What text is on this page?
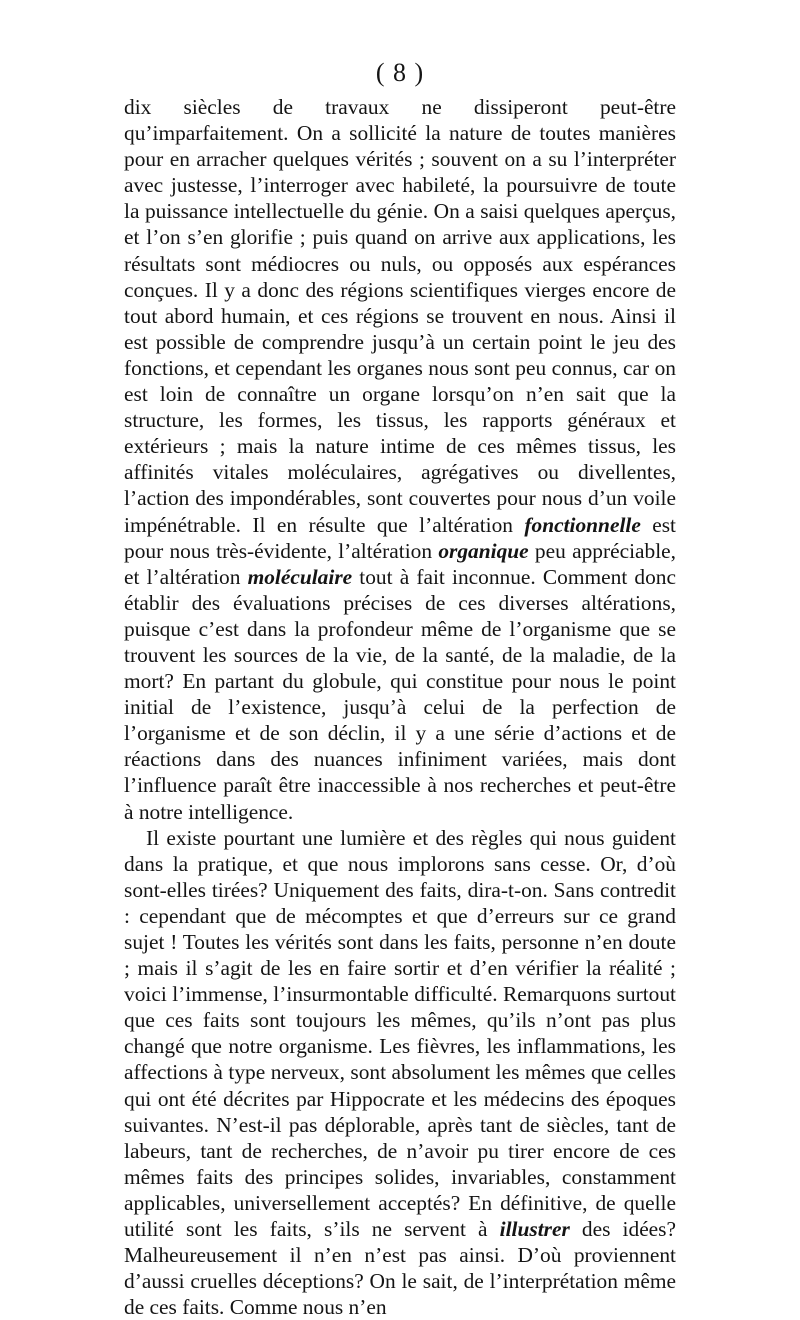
( 8 )

dix siècles de travaux ne dissiperont peut-être qu’imparfaitement. On a sollicité la nature de toutes manières pour en arracher quelques vérités ; souvent on a su l’interpréter avec justesse, l’interroger avec habileté, la poursuivre de toute la puissance intellectuelle du génie. On a saisi quelques aperçus, et l’on s’en glorifie ; puis quand on arrive aux applications, les résultats sont médiocres ou nuls, ou opposés aux espérances conçues. Il y a donc des régions scientifiques vierges encore de tout abord humain, et ces régions se trouvent en nous. Ainsi il est possible de comprendre jusqu’à un certain point le jeu des fonctions, et cependant les organes nous sont peu connus, car on est loin de connaître un organe lorsqu’on n’en sait que la structure, les formes, les tissus, les rapports généraux et extérieurs ; mais la nature intime de ces mêmes tissus, les affinités vitales moléculaires, agrégatives ou divellentes, l’action des impondérables, sont couvertes pour nous d’un voile impénétrable. Il en résulte que l’altération fonctionnelle est pour nous très-évidente, l’altération organique peu appréciable, et l’altération moléculaire tout à fait inconnue. Comment donc établir des évaluations précises de ces diverses altérations, puisque c’est dans la profondeur même de l’organisme que se trouvent les sources de la vie, de la santé, de la maladie, de la mort? En partant du globule, qui constitue pour nous le point initial de l’existence, jusqu’à celui de la perfection de l’organisme et de son déclin, il y a une série d’actions et de réactions dans des nuances infiniment variées, mais dont l’influence paraît être inaccessible à nos recherches et peut-être à notre intelligence.

Il existe pourtant une lumière et des règles qui nous guident dans la pratique, et que nous implorons sans cesse. Or, d’où sont-elles tirées? Uniquement des faits, dira-t-on. Sans contredit : cependant que de mécomptes et que d’erreurs sur ce grand sujet ! Toutes les vérités sont dans les faits, personne n’en doute ; mais il s’agit de les en faire sortir et d’en vérifier la réalité ; voici l’immense, l’insurmontable difficulté. Remarquons surtout que ces faits sont toujours les mêmes, qu’ils n’ont pas plus changé que notre organisme. Les fièvres, les inflammations, les affections à type nerveux, sont absolument les mêmes que celles qui ont été décrites par Hippocrate et les médecins des époques suivantes. N’est-il pas déplorable, après tant de siècles, tant de labeurs, tant de recherches, de n’avoir pu tirer encore de ces mêmes faits des principes solides, invariables, constamment applicables, universellement acceptés? En définitive, de quelle utilité sont les faits, s’ils ne servent à illustrer des idées? Malheureusement il n’en n’est pas ainsi. D’où proviennent d’aussi cruelles déceptions? On le sait, de l’interprétation même de ces faits. Comme nous n’en
